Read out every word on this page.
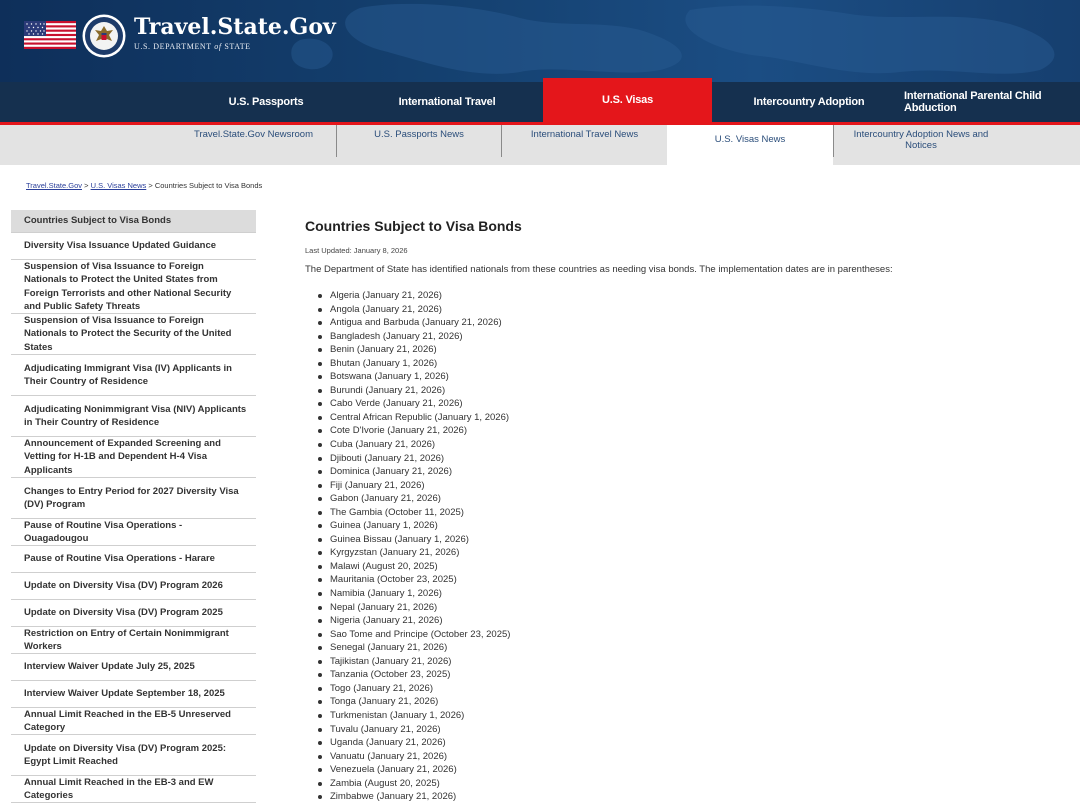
Travel.State.Gov
U.S. DEPARTMENT of STATE
U.S. Passports	International Travel	U.S. Visas	Intercountry Adoption	International Parental Child Abduction
Travel.State.Gov Newsroom	U.S. Passports News	International Travel News	U.S. Visas News	Intercountry Adoption News and Notices
Travel.State.Gov > U.S. Visas News > Countries Subject to Visa Bonds
Countries Subject to Visa Bonds
Diversity Visa Issuance Updated Guidance
Suspension of Visa Issuance to Foreign Nationals to Protect the United States from Foreign Terrorists and other National Security and Public Safety Threats
Suspension of Visa Issuance to Foreign Nationals to Protect the Security of the United States
Adjudicating Immigrant Visa (IV) Applicants in Their Country of Residence
Adjudicating Nonimmigrant Visa (NIV) Applicants in Their Country of Residence
Announcement of Expanded Screening and Vetting for H-1B and Dependent H-4 Visa Applicants
Changes to Entry Period for 2027 Diversity Visa (DV) Program
Pause of Routine Visa Operations - Ouagadougou
Pause of Routine Visa Operations - Harare
Update on Diversity Visa (DV) Program 2026
Update on Diversity Visa (DV) Program 2025
Restriction on Entry of Certain Nonimmigrant Workers
Interview Waiver Update July 25, 2025
Interview Waiver Update September 18, 2025
Annual Limit Reached in the EB-5 Unreserved Category
Update on Diversity Visa (DV) Program 2025: Egypt Limit Reached
Annual Limit Reached in the EB-3 and EW Categories
Countries Subject to Visa Bonds
Last Updated: January 8, 2026

The Department of State has identified nationals from these countries as needing visa bonds. The implementation dates are in parentheses:

Algeria (January 21, 2026)
Angola (January 21, 2026)
Antigua and Barbuda (January 21, 2026)
Bangladesh (January 21, 2026)
Benin (January 21, 2026)
Bhutan (January 1, 2026)
Botswana (January 1, 2026)
Burundi (January 21, 2026)
Cabo Verde (January 21, 2026)
Central African Republic (January 1, 2026)
Cote D'Ivorie (January 21, 2026)
Cuba (January 21, 2026)
Djibouti (January 21, 2026)
Dominica (January 21, 2026)
Fiji (January 21, 2026)
Gabon (January 21, 2026)
The Gambia (October 11, 2025)
Guinea (January 1, 2026)
Guinea Bissau (January 1, 2026)
Kyrgyzstan (January 21, 2026)
Malawi (August 20, 2025)
Mauritania (October 23, 2025)
Namibia (January 1, 2026)
Nepal (January 21, 2026)
Nigeria (January 21, 2026)
Sao Tome and Principe (October 23, 2025)
Senegal (January 21, 2026)
Tajikistan (January 21, 2026)
Tanzania (October 23, 2025)
Togo (January 21, 2026)
Tonga (January 21, 2026)
Turkmenistan (January 1, 2026)
Tuvalu (January 21, 2026)
Uganda (January 21, 2026)
Vanuatu (January 21, 2026)
Venezuela (January 21, 2026)
Zambia (August 20, 2025)
Zimbabwe (January 21, 2026)
